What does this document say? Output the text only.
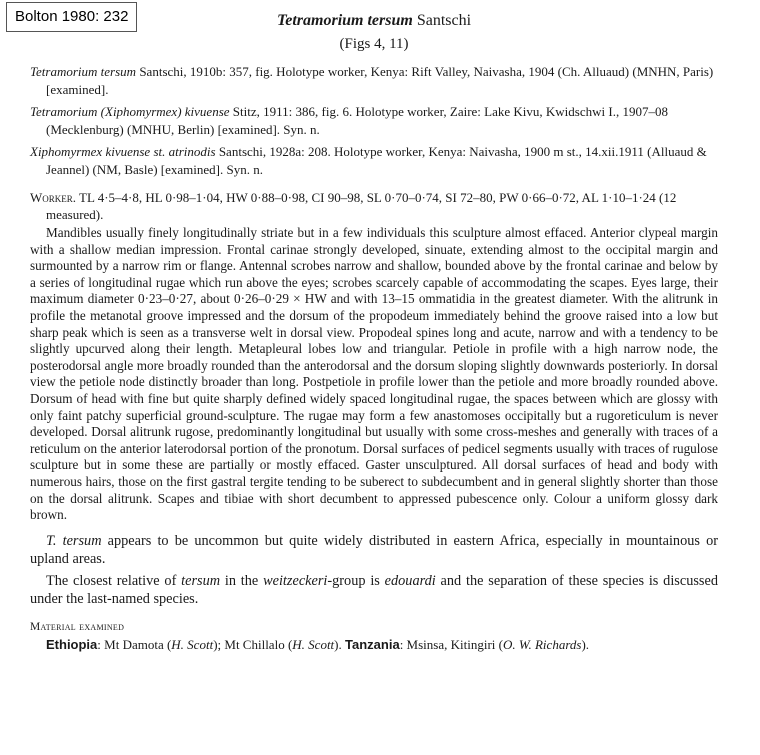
Bolton 1980: 232	Tetramorium tersum Santschi
(Figs 4, 11)

Tetramorium tersum Santschi, 1910b: 357, fig. Holotype worker, Kenya: Rift Valley, Naivasha, 1904 (Ch. Alluaud) (MNHN, Paris) [examined].

Tetramorium (Xiphomyrmex) kivuense Stitz, 1911: 386, fig. 6. Holotype worker, Zaire: Lake Kivu, Kwidschwi I., 1907–08 (Mecklenburg) (MNHU, Berlin) [examined]. Syn. n.

Xiphomyrmex kivuense st. atrinodis Santschi, 1928a: 208. Holotype worker, Kenya: Naivasha, 1900 m st., 14.xii.1911 (Alluaud & Jeannel) (NM, Basle) [examined]. Syn. n.

Worker. TL 4·5–4·8, HL 0·98–1·04, HW 0·88–0·98, CI 90–98, SL 0·70–0·74, SI 72–80, PW 0·66–0·72, AL 1·10–1·24 (12 measured).

Mandibles usually finely longitudinally striate but in a few individuals this sculpture almost effaced. Anterior clypeal margin with a shallow median impression. Frontal carinae strongly developed, sinuate, extending almost to the occipital margin and surmounted by a narrow rim or flange. Antennal scrobes narrow and shallow, bounded above by the frontal carinae and below by a series of longitudinal rugae which run above the eyes; scrobes scarcely capable of accommodating the scapes. Eyes large, their maximum diameter 0·23–0·27, about 0·26–0·29 × HW and with 13–15 ommatidia in the greatest diameter. With the alitrunk in profile the metanotal groove impressed and the dorsum of the propodeum immediately behind the groove raised into a low but sharp peak which is seen as a transverse welt in dorsal view. Propodeal spines long and acute, narrow and with a tendency to be slightly upcurved along their length. Metapleural lobes low and triangular. Petiole in profile with a high narrow node, the posterodorsal angle more broadly rounded than the anterodorsal and the dorsum sloping slightly downwards posteriorly. In dorsal view the petiole node distinctly broader than long. Postpetiole in profile lower than the petiole and more broadly rounded above. Dorsum of head with fine but quite sharply defined widely spaced longitudinal rugae, the spaces between which are glossy with only faint patchy superficial ground-sculpture. The rugae may form a few anastomoses occipitally but a rugoreticulum is never developed. Dorsal alitrunk rugose, predominantly longitudinal but usually with some cross-meshes and generally with traces of a reticulum on the anterior laterodorsal portion of the pronotum. Dorsal surfaces of pedicel segments usually with traces of rugulose sculpture but in some these are partially or mostly effaced. Gaster unsculptured. All dorsal surfaces of head and body with numerous hairs, those on the first gastral tergite tending to be suberect to subdecumbent and in general slightly shorter than those on the dorsal alitrunk. Scapes and tibiae with short decumbent to appressed pubescence only. Colour a uniform glossy dark brown.

T. tersum appears to be uncommon but quite widely distributed in eastern Africa, especially in mountainous or upland areas.

The closest relative of tersum in the weitzeckeri-group is edouardi and the separation of these species is discussed under the last-named species.

Material examined

Ethiopia: Mt Damota (H. Scott); Mt Chillalo (H. Scott). Tanzania: Msinsa, Kitingiri (O. W. Richards).
